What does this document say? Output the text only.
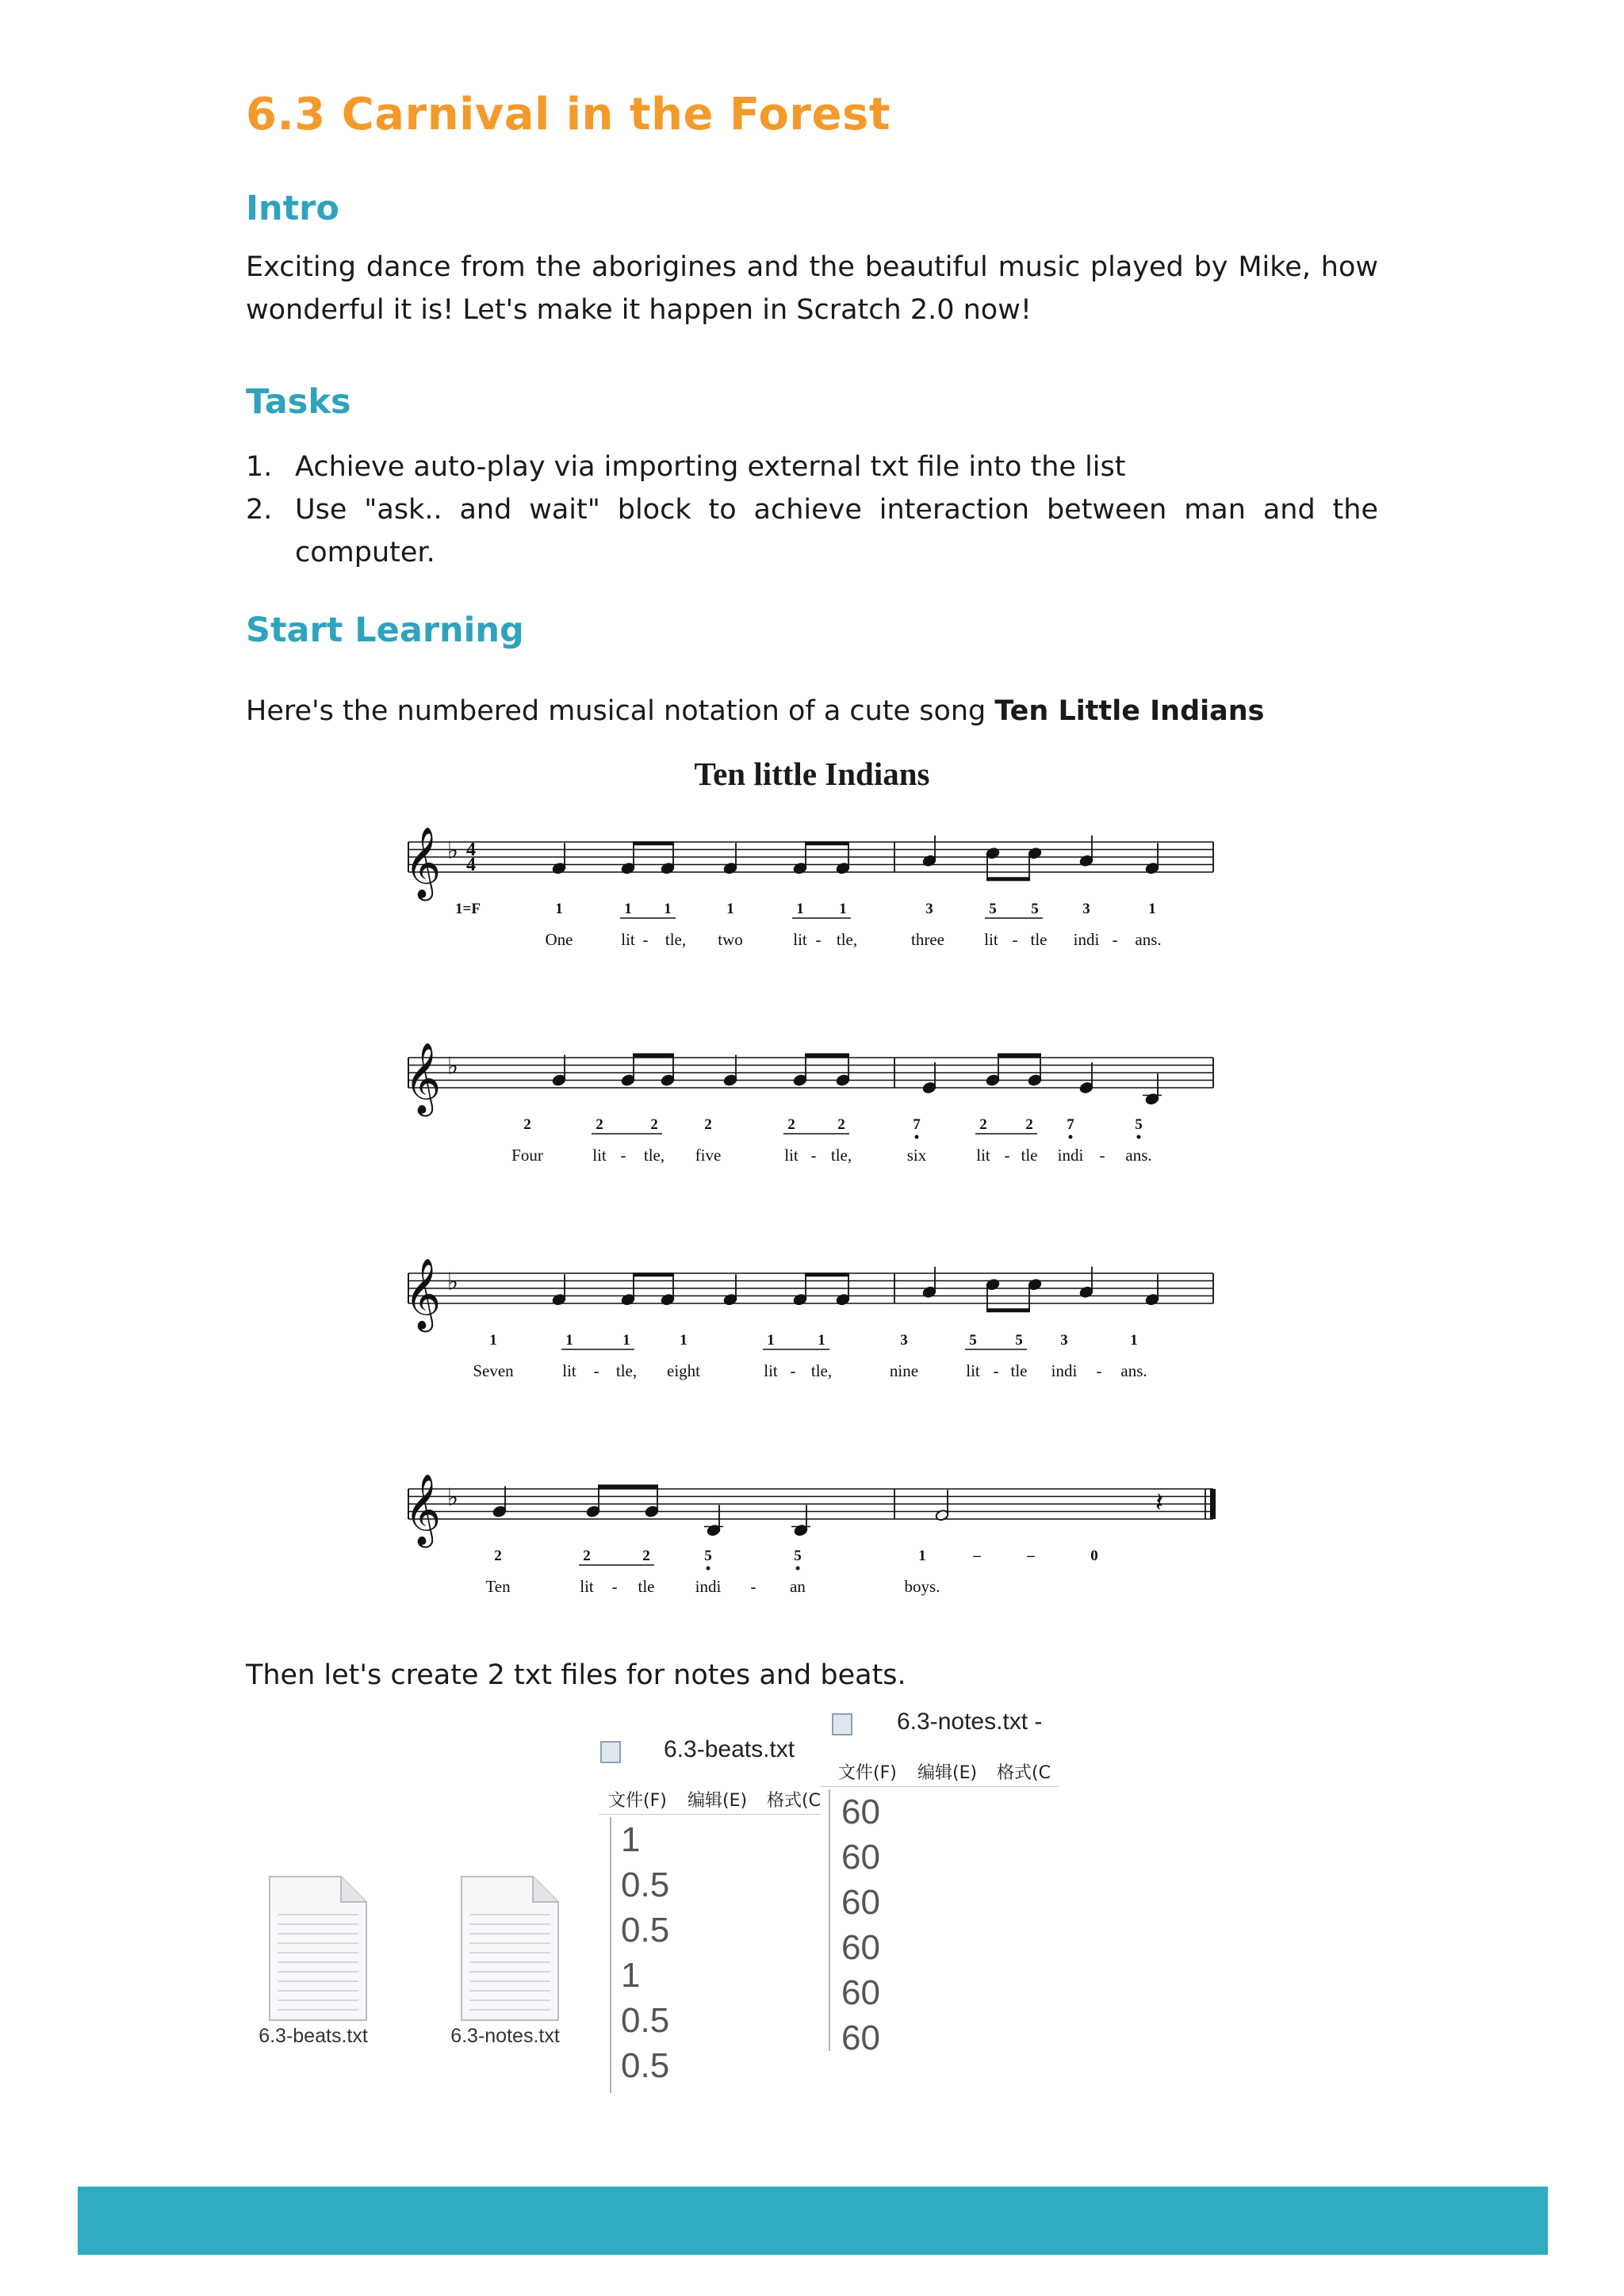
6.3 Carnival in the Forest
Intro
Exciting dance from the aborigines and the beautiful music played by Mike, how wonderful it is! Let's make it happen in Scratch 2.0 now!
Tasks
1. Achieve auto-play via importing external txt file into the list
2. Use "ask.. and wait" block to achieve interaction between man and the computer.
Start Learning
Here's the numbered musical notation of a cute song Ten Little Indians
Ten little Indians
𝄞 ♭ 4
4
1=F	1	1 1	1	1 1	3	5 5	3	1
One	lit - tle, two	lit - tle,	three lit - tle indi - ans.
𝄞 ♭
2	2	2	2	2	2	7	2	2 7	5
Four	lit - tle, five	lit - tle,	six	lit - tle indi - ans.
𝄞 ♭
1	1	1	1	1	1	3	5	5	3	1
Seven	lit - tle, eight	lit - tle,	nine	lit - tle indi - ans.
𝄞 ♭	𝄽
2	2	2	5	5	1	–	–	0
Ten	lit - tle indi - an	boys.
Then let's create 2 txt files for notes and beats.
6.3-beats.txt	6.3-notes.txt
6.3-beats.txt
文件(F) 编辑(E) 格式(C
1
0.5
0.5
1
0.5
0.5
6.3-notes.txt -
文件(F) 编辑(E) 格式(C
60
60
60
60
60
60
